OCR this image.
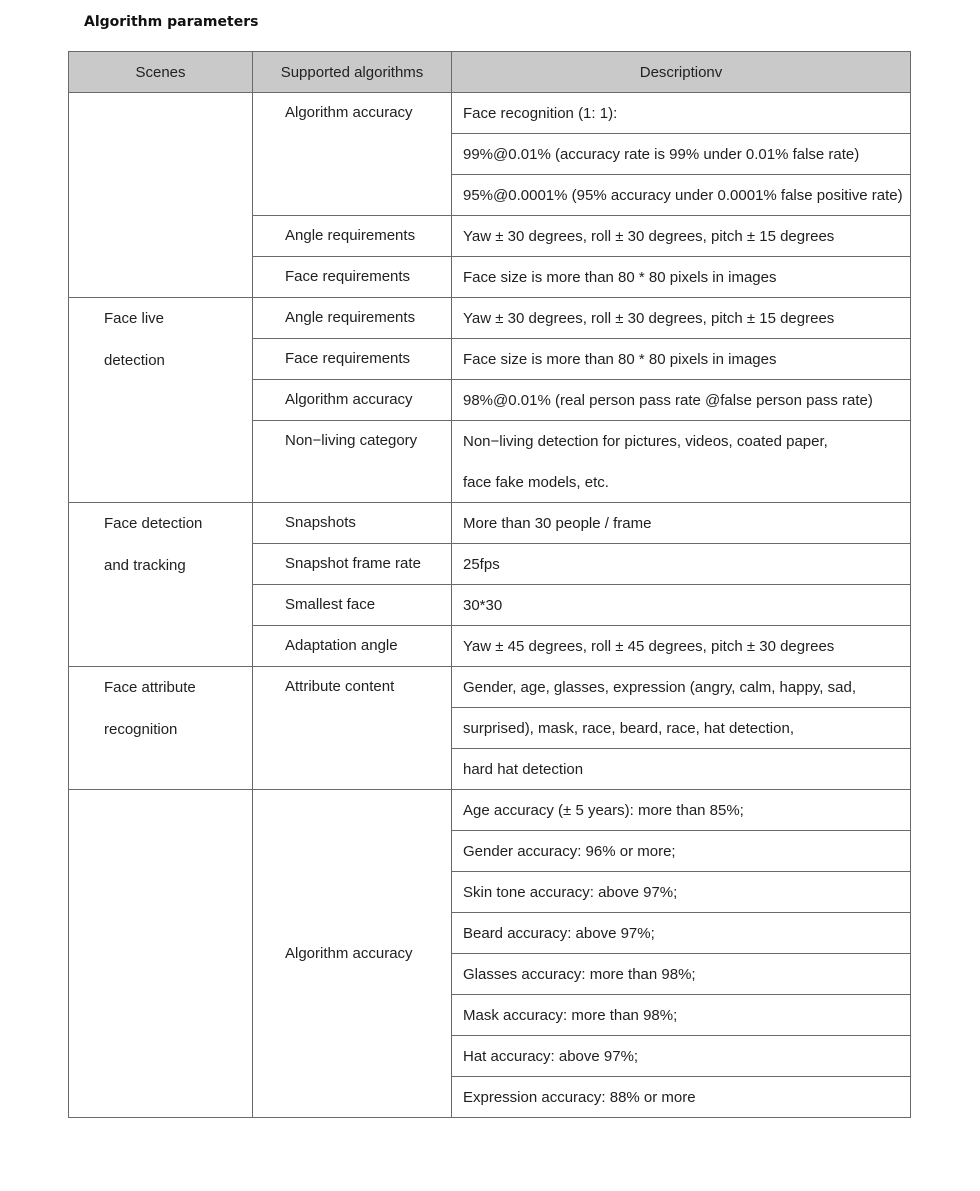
Algorithm parameters
Scenes	Supported algorithms	Descriptionv
	Algorithm accuracy	Face recognition (1: 1):
		99%@0.01% (accuracy rate is 99% under 0.01% false rate)
		95%@0.0001% (95% accuracy under 0.0001% false positive rate)
	Angle requirements	Yaw ± 30 degrees, roll ± 30 degrees, pitch ± 15 degrees
	Face requirements	Face size is more than 80 * 80 pixels in images

Face live
detection	Angle requirements	Yaw ± 30 degrees, roll ± 30 degrees, pitch ± 15 degrees
	Face requirements	Face size is more than 80 * 80 pixels in images
	Algorithm accuracy	98%@0.01% (real person pass rate @false person pass rate)
	Non−living category	Non−living detection for pictures, videos, coated paper,
		face fake models, etc.

Face detection
and tracking	Snapshots	More than 30 people / frame
	Snapshot frame rate	25fps
	Smallest face	30*30
	Adaptation angle	Yaw ± 45 degrees, roll ± 45 degrees, pitch ± 30 degrees

Face attribute
recognition	Attribute content	Gender, age, glasses, expression (angry, calm, happy, sad,
		surprised), mask, race, beard, race, hat detection,
		hard hat detection
	Algorithm accuracy	Age accuracy (± 5 years): more than 85%;
		Gender accuracy: 96% or more;
		Skin tone accuracy: above 97%;
		Beard accuracy: above 97%;
		Glasses accuracy: more than 98%;
		Mask accuracy: more than 98%;
		Hat accuracy: above 97%;
		Expression accuracy: 88% or more
